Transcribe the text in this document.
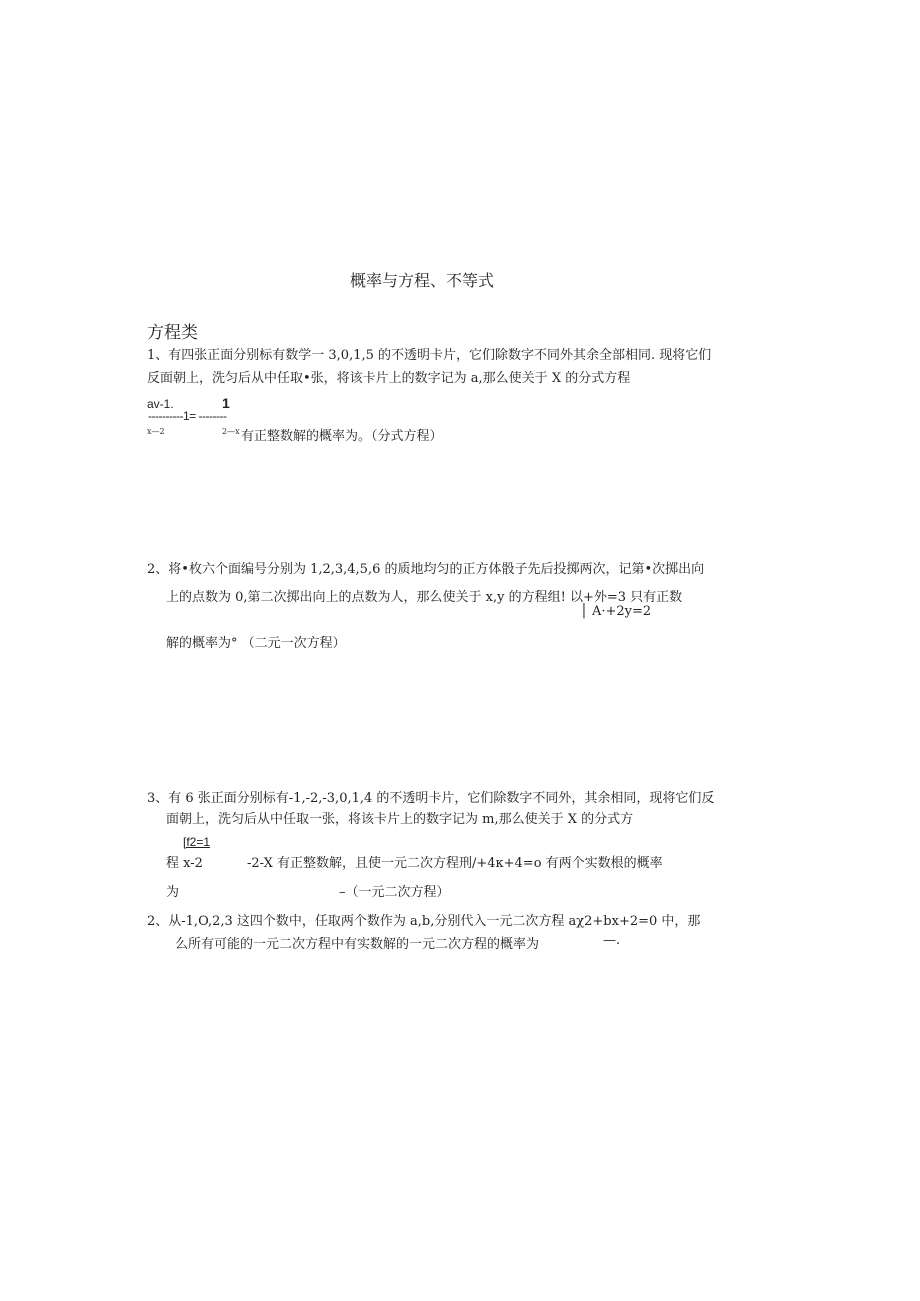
概率与方程、不等式
方程类
1、有四张正面分别标有数学一 3,0,1,5 的不透明卡片，它们除数字不同外其余全部相同. 现将它们
反面朝上，洗匀后从中任取•张，将该卡片上的数字记为 a,那么使关于 X 的分式方程
av-1.	1
----------1= --------
x—2	2—x 有正整数解的概率为。（分式方程）
2、将•枚六个面编号分别为 1,2,3,4,5,6 的质地均匀的正方体骰子先后投掷两次，记第•次掷出向
上的点数为 0,第二次掷出向上的点数为人，那么使关于 x,y 的方程组! 以+外=3 只有正数
│ A·+2y=2
解的概率为° （二元一次方程）
3、有 6 张正面分别标有-1,-2,-3,0,1,4 的不透明卡片，它们除数字不同外，其余相同，现将它们反
面朝上，洗匀后从中任取一张，将该卡片上的数字记为 m,那么使关于 X 的分式方
[f2=1
程 x-2	-2-X 有正整数解，且使一元二次方程刑/+4κ+4=o 有两个实数根的概率
为	–（一元二次方程）
2、从-1,O,2,3 这四个数中，任取两个数作为 a,b,分别代入一元二次方程 aχ2+bx+2=0 中，那
么所有可能的一元二次方程中有实数解的一元二次方程的概率为	—.
